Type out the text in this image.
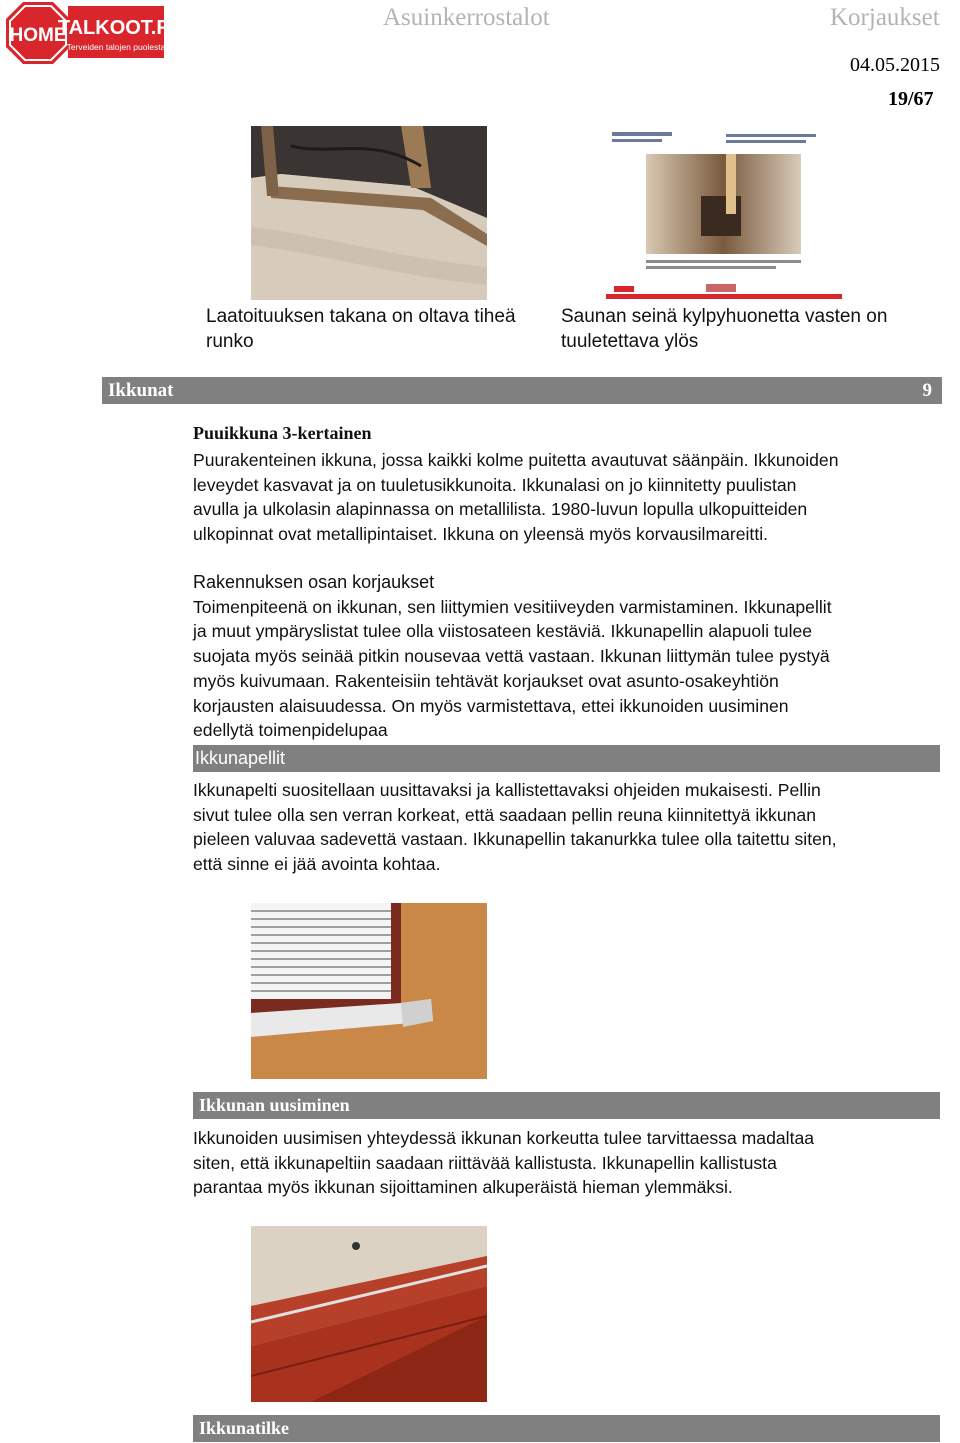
HOME
TALKOOT.FI
Terveiden talojen puolesta
Asuinkerrostalot	Korjaukset
04.05.2015
19/67
Laatoituuksen takana on oltava tiheä runko
Saunan seinä kylpyhuonetta vasten on tuuletettava ylös
Ikkunat	9
Puuikkuna 3-kertainen
Puurakenteinen ikkuna, jossa kaikki kolme puitetta avautuvat säänpäin. Ikkunoiden
leveydet kasvavat ja on tuuletusikkunoita. Ikkunalasi on jo kiinnitetty puulistan
avulla ja ulkolasin alapinnassa on metallilista. 1980-luvun lopulla ulkopuitteiden
ulkopinnat ovat metallipintaiset. Ikkuna on yleensä myös korvausilmareitti.
Rakennuksen osan korjaukset
Toimenpiteenä on ikkunan, sen liittymien vesitiiveyden varmistaminen. Ikkunapellit
ja muut ympäryslistat tulee olla viistosateen kestäviä. Ikkunapellin alapuoli tulee
suojata myös seinää pitkin nousevaa vettä vastaan. Ikkunan liittymän tulee pystyä
myös kuivumaan. Rakenteisiin tehtävät korjaukset ovat asunto-osakeyhtiön
korjausten alaisuudessa. On myös varmistettava, ettei ikkunoiden uusiminen
edellytä toimenpidelupaa
Ikkunapellit
Ikkunapelti suositellaan uusittavaksi ja kallistettavaksi ohjeiden mukaisesti. Pellin
sivut tulee olla sen verran korkeat, että saadaan pellin reuna kiinnitettyä ikkunan
pieleen valuvaa sadevettä vastaan. Ikkunapellin takanurkka tulee olla taitettu siten,
että sinne ei jää avointa kohtaa.
Ikkunan uusiminen
Ikkunoiden uusimisen yhteydessä ikkunan korkeutta tulee tarvittaessa madaltaa
siten, että ikkunapeltiin saadaan riittävää kallistusta. Ikkunapellin kallistusta
parantaa myös ikkunan sijoittaminen alkuperäistä hieman ylemmäksi.
Ikkunatilke
